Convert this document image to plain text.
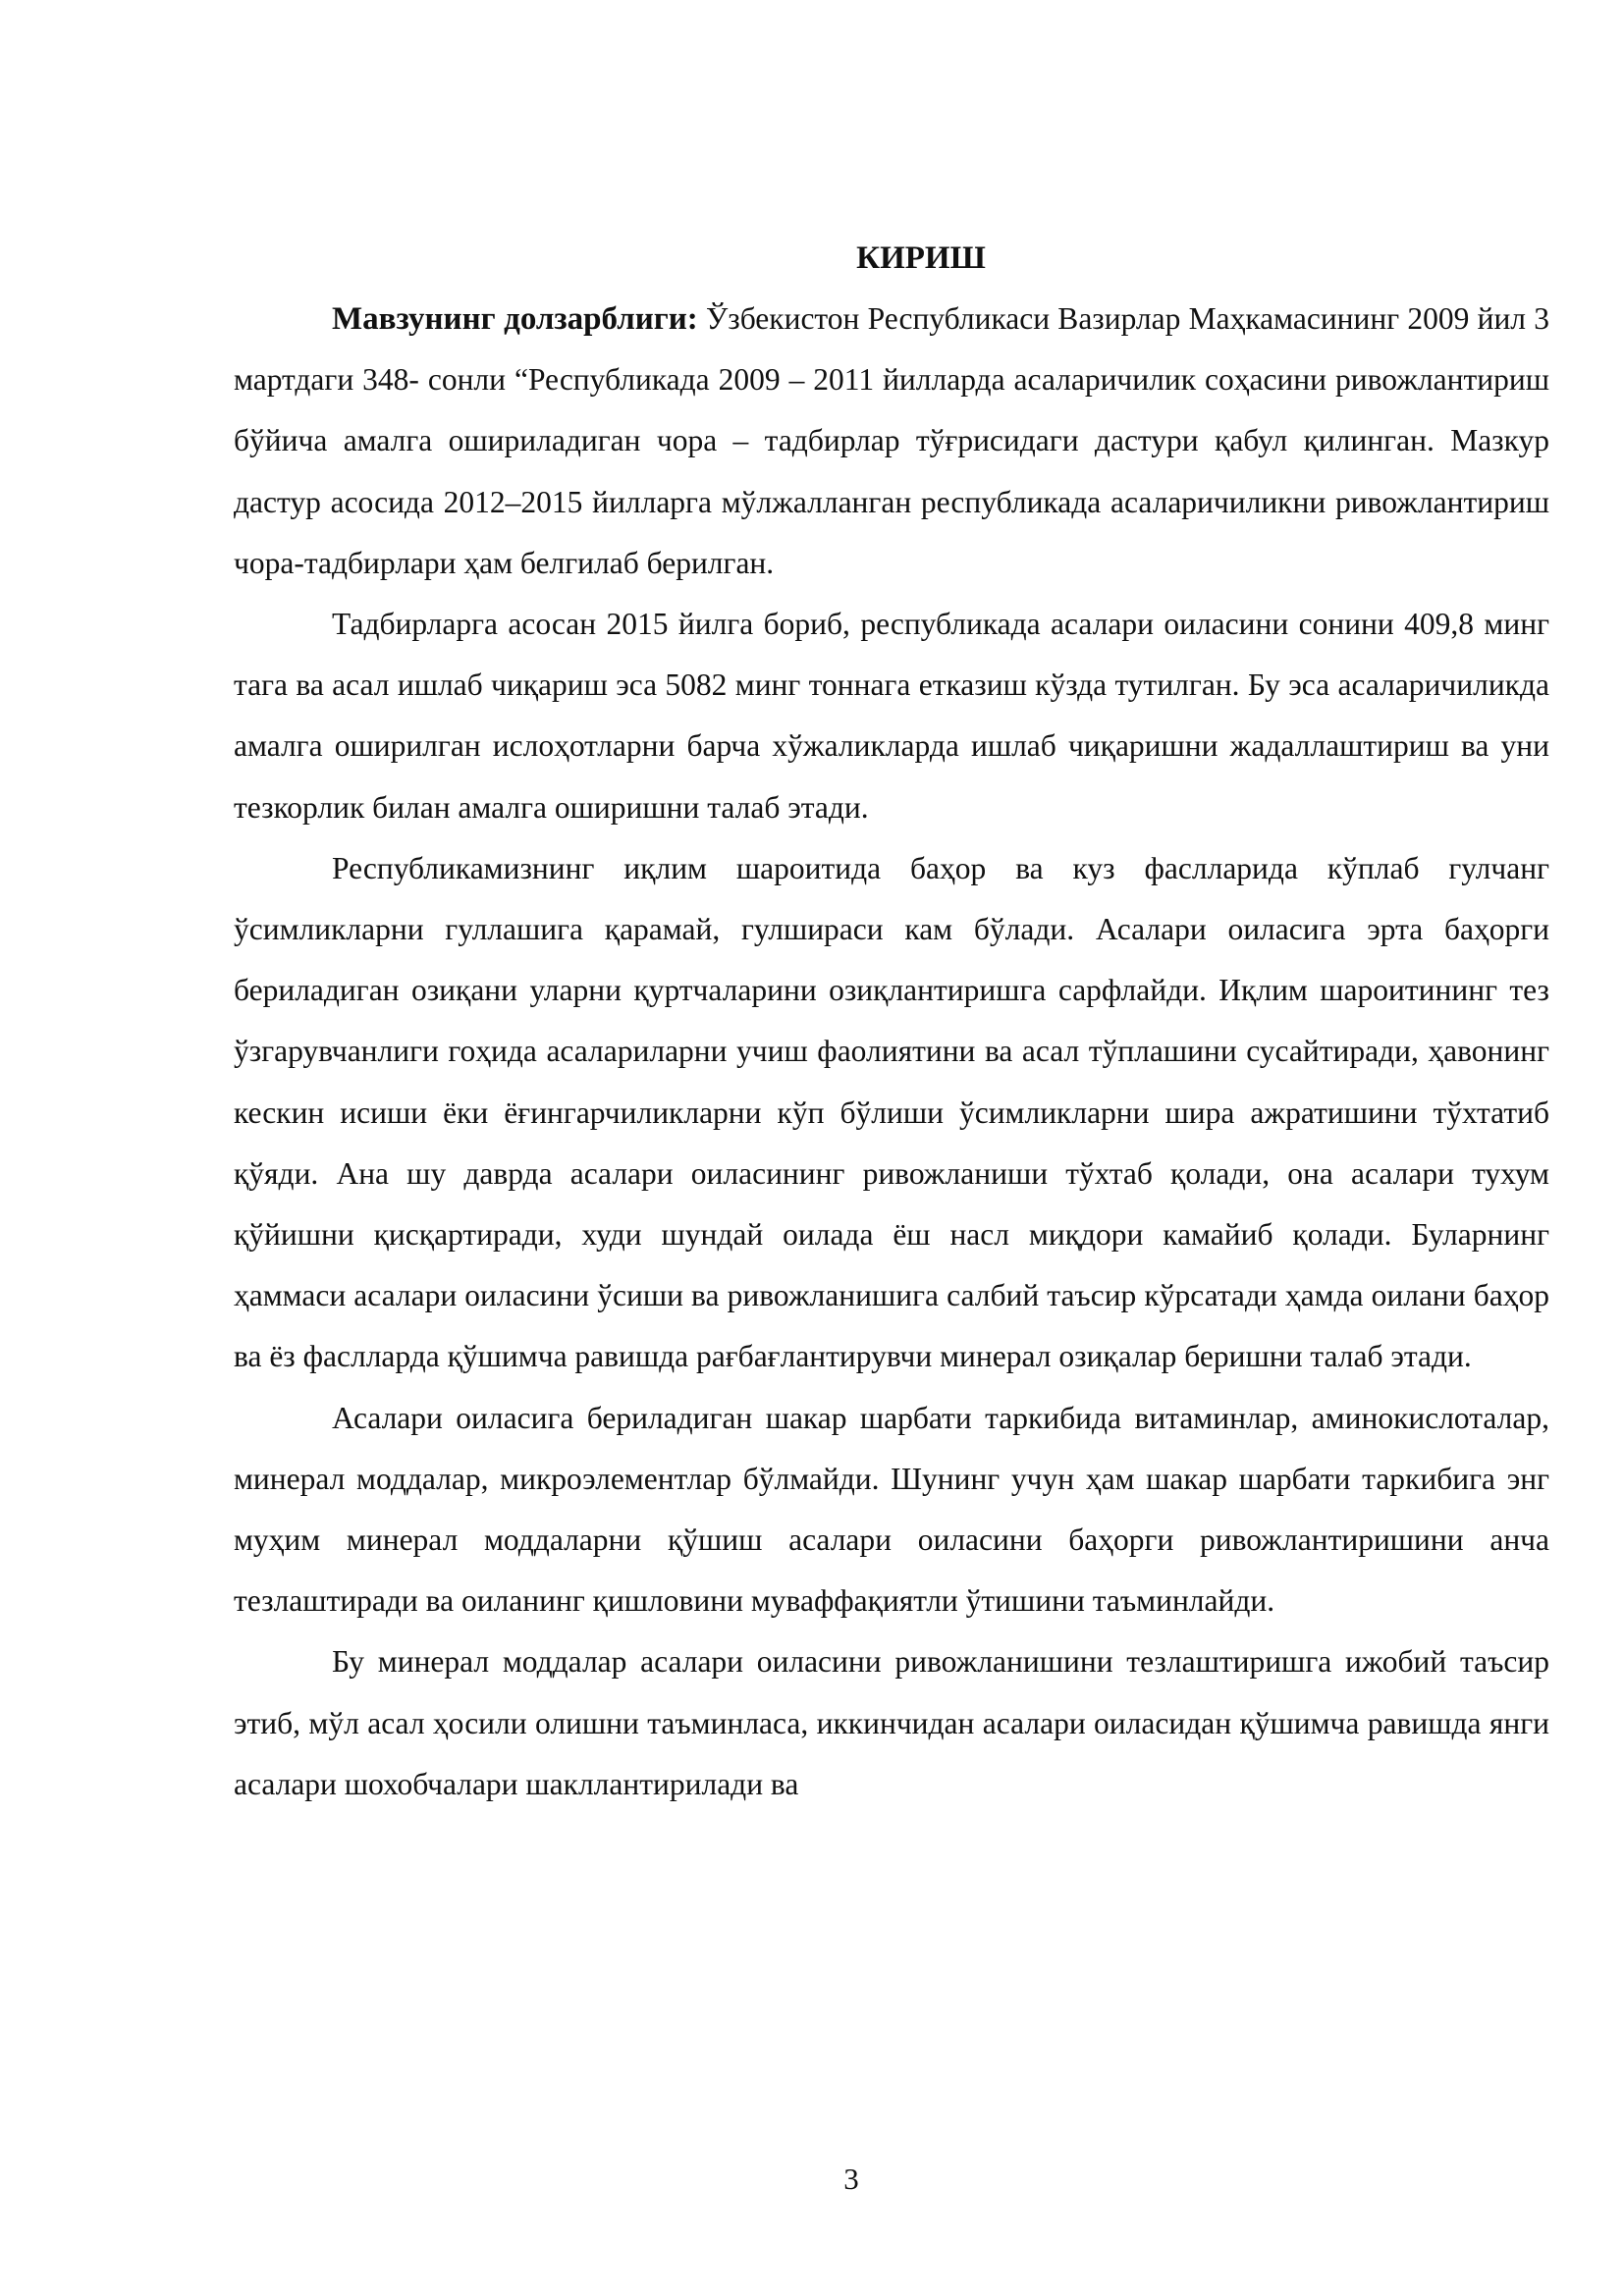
КИРИШ

Мавзунинг долзарблиги: Ўзбекистон Республикаси Вазирлар Маҳкамасининг 2009 йил 3 мартдаги 348- сонли “Республикада 2009 – 2011 йилларда асаларичилик соҳасини ривожлантириш бўйича амалга ошириладиган чора – тадбирлар тўғрисидаги дастури қабул қилинган. Мазкур дастур асосида 2012–2015 йилларга мўлжалланган республикада асаларичиликни ривожлантириш чора-тадбирлари ҳам белгилаб берилган.

Тадбирларга асосан 2015 йилга бориб, республикада асалари оиласини сонини 409,8 минг тага ва асал ишлаб чиқариш эса 5082 минг тоннага етказиш кўзда тутилган. Бу эса асаларичиликда амалга оширилган ислоҳотларни барча хўжаликларда ишлаб чиқаришни жадаллаштириш ва уни тезкорлик билан амалга оширишни талаб этади.

Республикамизнинг иқлим шароитида баҳор ва куз фаслларида кўплаб гулчанг ўсимликларни гуллашига қарамай, гулшираси кам бўлади. Асалари оиласига эрта баҳорги бериладиган озиқани уларни қуртчаларини озиқлантиришга сарфлайди. Иқлим шароитининг тез ўзгарувчанлиги гоҳида асалариларни учиш фаолиятини ва асал тўплашини сусайтиради, ҳавонинг кескин исиши ёки ёғингарчиликларни кўп бўлиши ўсимликларни шира ажратишини тўхтатиб қўяди. Ана шу даврда асалари оиласининг ривожланиши тўхтаб қолади, она асалари тухум қўйишни қисқартиради, худи шундай оилада ёш насл миқдори камайиб қолади. Буларнинг ҳаммаси асалари оиласини ўсиши ва ривожланишига салбий таъсир кўрсатади ҳамда оилани баҳор ва ёз фаслларда қўшимча равишда рағбағлантирувчи минерал озиқалар беришни талаб этади.

Асалари оиласига бериладиган шакар шарбати таркибида витаминлар, аминокислоталар, минерал моддалар, микроэлементлар бўлмайди. Шунинг учун ҳам шакар шарбати таркибига энг муҳим минерал моддаларни қўшиш асалари оиласини баҳорги ривожлантиришини анча тезлаштиради ва оиланинг қишловини муваффақиятли ўтишини таъминлайди.

Бу минерал моддалар асалари оиласини ривожланишини тезлаштиришга ижобий таъсир этиб, мўл асал ҳосили олишни таъминласа, иккинчидан асалари оиласидан қўшимча равишда янги асалари шохобчалари шакллантирилади ва

3
